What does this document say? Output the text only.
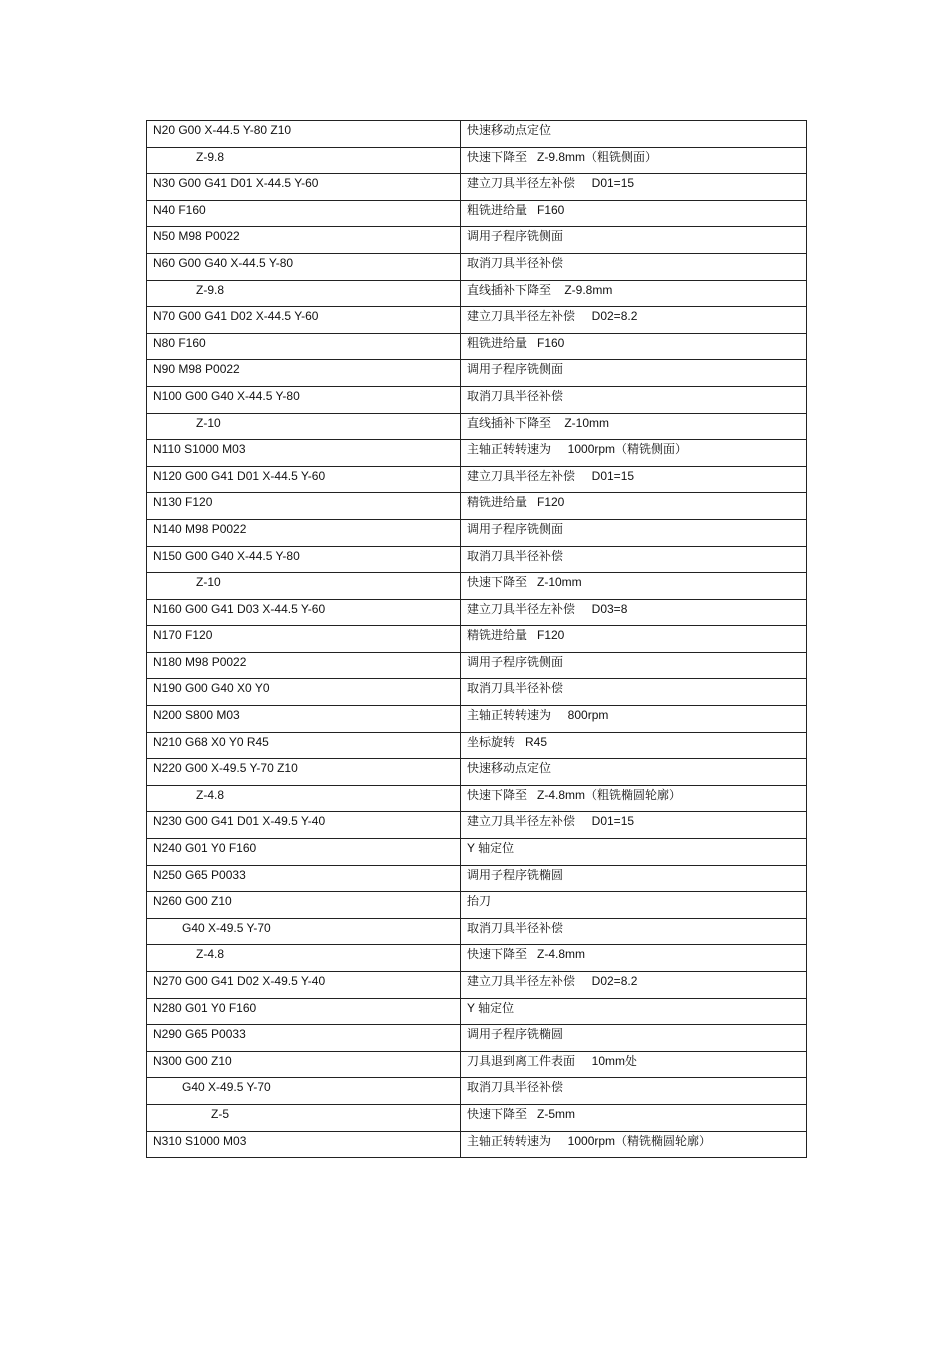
N20 G00 X-44.5 Y-80 Z10	快速移动点定位
Z-9.8	快速下降至   Z-9.8mm（粗铣侧面）
N30 G00 G41 D01 X-44.5 Y-60	建立刀具半径左补偿     D01=15
N40 F160	粗铣进给量   F160
N50 M98 P0022	调用子程序铣侧面
N60 G00 G40 X-44.5 Y-80	取消刀具半径补偿
Z-9.8	直线插补下降至    Z-9.8mm
N70 G00 G41 D02 X-44.5 Y-60	建立刀具半径左补偿     D02=8.2
N80 F160	粗铣进给量   F160
N90 M98 P0022	调用子程序铣侧面
N100 G00 G40 X-44.5 Y-80	取消刀具半径补偿
Z-10	直线插补下降至    Z-10mm
N110 S1000 M03	主轴正转转速为     1000rpm（精铣侧面）
N120 G00 G41 D01 X-44.5 Y-60	建立刀具半径左补偿     D01=15
N130 F120	精铣进给量   F120
N140 M98 P0022	调用子程序铣侧面
N150 G00 G40 X-44.5 Y-80	取消刀具半径补偿
Z-10	快速下降至   Z-10mm
N160 G00 G41 D03 X-44.5 Y-60	建立刀具半径左补偿     D03=8
N170 F120	精铣进给量   F120
N180 M98 P0022	调用子程序铣侧面
N190 G00 G40 X0 Y0	取消刀具半径补偿
N200 S800 M03	主轴正转转速为     800rpm
N210 G68 X0 Y0 R45	坐标旋转   R45
N220 G00 X-49.5 Y-70 Z10	快速移动点定位
Z-4.8	快速下降至   Z-4.8mm（粗铣椭圆轮廓）
N230 G00 G41 D01 X-49.5 Y-40	建立刀具半径左补偿     D01=15
N240 G01 Y0 F160	Y 轴定位
N250 G65 P0033	调用子程序铣椭圆
N260 G00 Z10	抬刀
G40 X-49.5 Y-70	取消刀具半径补偿
Z-4.8	快速下降至   Z-4.8mm
N270 G00 G41 D02 X-49.5 Y-40	建立刀具半径左补偿     D02=8.2
N280 G01 Y0 F160	Y 轴定位
N290 G65 P0033	调用子程序铣椭圆
N300 G00 Z10	刀具退到离工件表面     10mm处
G40 X-49.5 Y-70	取消刀具半径补偿
Z-5	快速下降至   Z-5mm
N310 S1000 M03	主轴正转转速为     1000rpm（精铣椭圆轮廓）
